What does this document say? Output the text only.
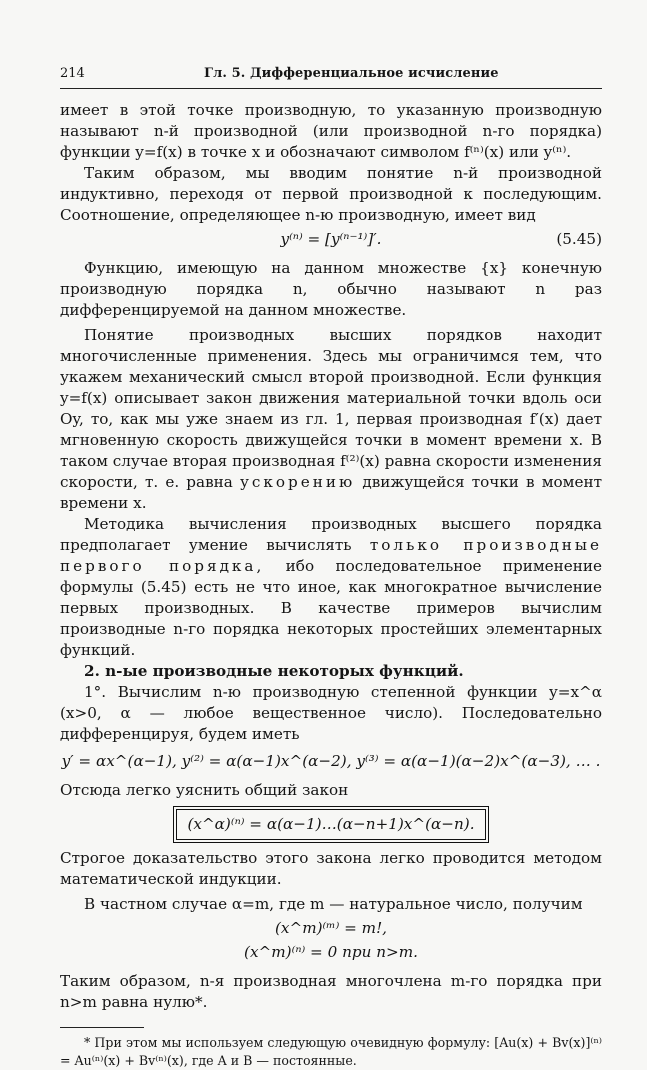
214	Гл. 5. Дифференциальное исчисление

имеет в этой точке производную, то указанную производную называют n-й производной (или производной n-го порядка) функции y=f(x) в точке x и обозначают символом f⁽ⁿ⁾(x) или y⁽ⁿ⁾.

Таким образом, мы вводим понятие n-й производной индуктивно, переходя от первой производной к последующим. Соотношение, определяющее n-ю производную, имеет вид

y⁽ⁿ⁾ = [y⁽ⁿ⁻¹⁾]′.	(5.45)

Функцию, имеющую на данном множестве {x} конечную производную порядка n, обычно называют n раз дифференцируемой на данном множестве.

Понятие производных высших порядков находит многочисленные применения. Здесь мы ограничимся тем, что укажем механический смысл второй производной. Если функция y=f(x) описывает закон движения материальной точки вдоль оси Oy, то, как мы уже знаем из гл. 1, первая производная f′(x) дает мгновенную скорость движущейся точки в момент времени x. В таком случае вторая производная f⁽²⁾(x) равна скорости изменения скорости, т. е. равна ускорению движущейся точки в момент времени x.

Методика вычисления производных высшего порядка предполагает умение вычислять только производные первого порядка, ибо последовательное применение формулы (5.45) есть не что иное, как многократное вычисление первых производных. В качестве примеров вычислим производные n-го порядка некоторых простейших элементарных функций.

2. n-ые производные некоторых функций.

1°. Вычислим n-ю производную степенной функции y=x^α (x>0, α — любое вещественное число). Последовательно дифференцируя, будем иметь

y′ = αx^(α−1), y⁽²⁾ = α(α−1)x^(α−2), y⁽³⁾ = α(α−1)(α−2)x^(α−3), … .

Отсюда легко уяснить общий закон

(x^α)⁽ⁿ⁾ = α(α−1)…(α−n+1)x^(α−n).

Строгое доказательство этого закона легко проводится методом математической индукции.

В частном случае α=m, где m — натуральное число, получим

(x^m)⁽ᵐ⁾ = m!,
(x^m)⁽ⁿ⁾ = 0 при n>m.

Таким образом, n-я производная многочлена m-го порядка при n>m равна нулю*.

* При этом мы используем следующую очевидную формулу: [Au(x) + Bv(x)]⁽ⁿ⁾ = Au⁽ⁿ⁾(x) + Bv⁽ⁿ⁾(x), где A и B — постоянные.
